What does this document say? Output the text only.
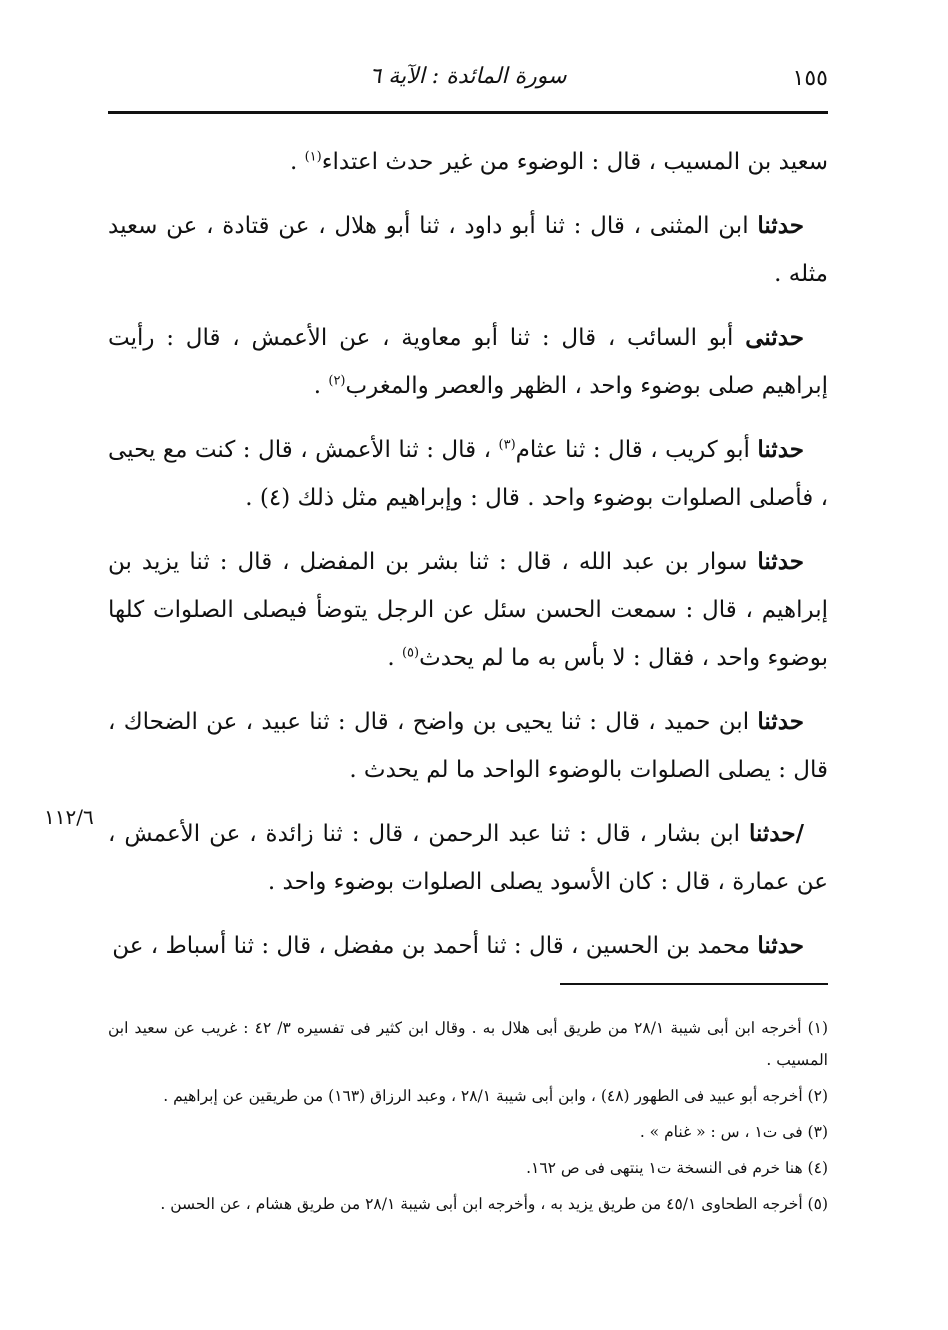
١٥٥
سورة المائدة : الآية ٦
١١٢/٦

سعيد بن المسيب ، قال : الوضوء من غير حدث اعتداء$^{(١)}$ .

حدثنا ابن المثنى ، قال : ثنا أبو داود ، ثنا أبو هلال ، عن قتادة ، عن سعيد مثله .

حدثنى أبو السائب ، قال : ثنا أبو معاوية ، عن الأعمش ، قال : رأيت إبراهيم صلى بوضوء واحد ، الظهر والعصر والمغرب$^{(٢)}$ .

حدثنا أبو كريب ، قال : ثنا عثام$^{(٣)}$ ، قال : ثنا الأعمش ، قال : كنت مع يحيى ، فأصلى الصلوات بوضوء واحد . قال : وإبراهيم مثل ذلك (٤) .

حدثنا سوار بن عبد الله ، قال : ثنا بشر بن المفضل ، قال : ثنا يزيد بن إبراهيم ، قال : سمعت الحسن سئل عن الرجل يتوضأ فيصلى الصلوات كلها بوضوء واحد ، فقال : لا بأس به ما لم يحدث$^{(٥)}$ .

حدثنا ابن حميد ، قال : ثنا يحيى بن واضح ، قال : ثنا عبيد ، عن الضحاك ، قال : يصلى الصلوات بالوضوء الواحد ما لم يحدث .

/حدثنا ابن بشار ، قال : ثنا عبد الرحمن ، قال : ثنا زائدة ، عن الأعمش ، عن عمارة ، قال : كان الأسود يصلى الصلوات بوضوء واحد .

حدثنا محمد بن الحسين ، قال : ثنا أحمد بن مفضل ، قال : ثنا أسباط ، عن

(١) أخرجه ابن أبى شيبة ٢٨/١ من طريق أبى هلال به . وقال ابن كثير فى تفسيره ٣/ ٤٢ : غريب عن سعيد ابن المسيب .

(٢) أخرجه أبو عبيد فى الطهور (٤٨) ، وابن أبى شيبة ٢٨/١ ، وعبد الرزاق (١٦٣) من طريقين عن إبراهيم .

(٣) فى ت١ ، س : « غنام » .

(٤) هنا خرم فى النسخة ت١ ينتهى فى ص ١٦٢.

(٥) أخرجه الطحاوى ٤٥/١ من طريق يزيد به ، وأخرجه ابن أبى شيبة ٢٨/١ من طريق هشام ، عن الحسن .
